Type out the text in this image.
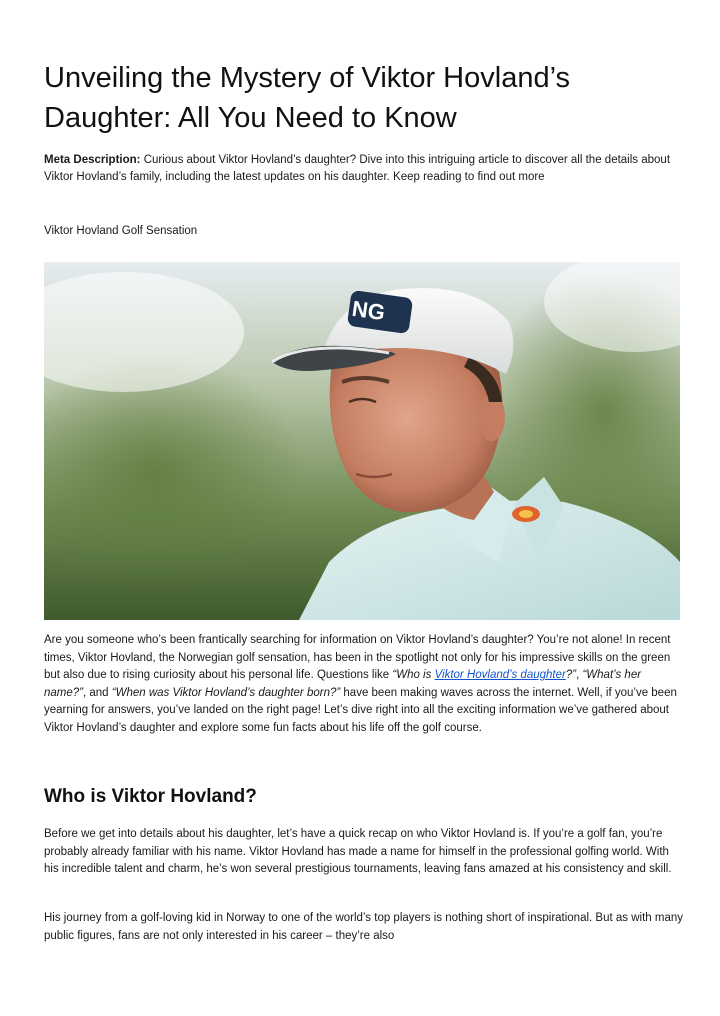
Unveiling the Mystery of Viktor Hovland’s Daughter: All You Need to Know

Meta Description: Curious about Viktor Hovland’s daughter? Dive into this intriguing article to discover all the details about Viktor Hovland’s family, including the latest updates on his daughter. Keep reading to find out more

Viktor Hovland Golf Sensation

NG

Are you someone who’s been frantically searching for information on Viktor Hovland’s daughter? You’re not alone! In recent times, Viktor Hovland, the Norwegian golf sensation, has been in the spotlight not only for his impressive skills on the green but also due to rising curiosity about his personal life. Questions like “Who is Viktor Hovland’s daughter?”, “What’s her name?”, and “When was Viktor Hovland’s daughter born?” have been making waves across the internet. Well, if you’ve been yearning for answers, you’ve landed on the right page! Let’s dive right into all the exciting information we’ve gathered about Viktor Hovland’s daughter and explore some fun facts about his life off the golf course.

Who is Viktor Hovland?

Before we get into details about his daughter, let’s have a quick recap on who Viktor Hovland is. If you’re a golf fan, you’re probably already familiar with his name. Viktor Hovland has made a name for himself in the professional golfing world. With his incredible talent and charm, he’s won several prestigious tournaments, leaving fans amazed at his consistency and skill.

His journey from a golf-loving kid in Norway to one of the world’s top players is nothing short of inspirational. But as with many public figures, fans are not only interested in his career – they’re also
